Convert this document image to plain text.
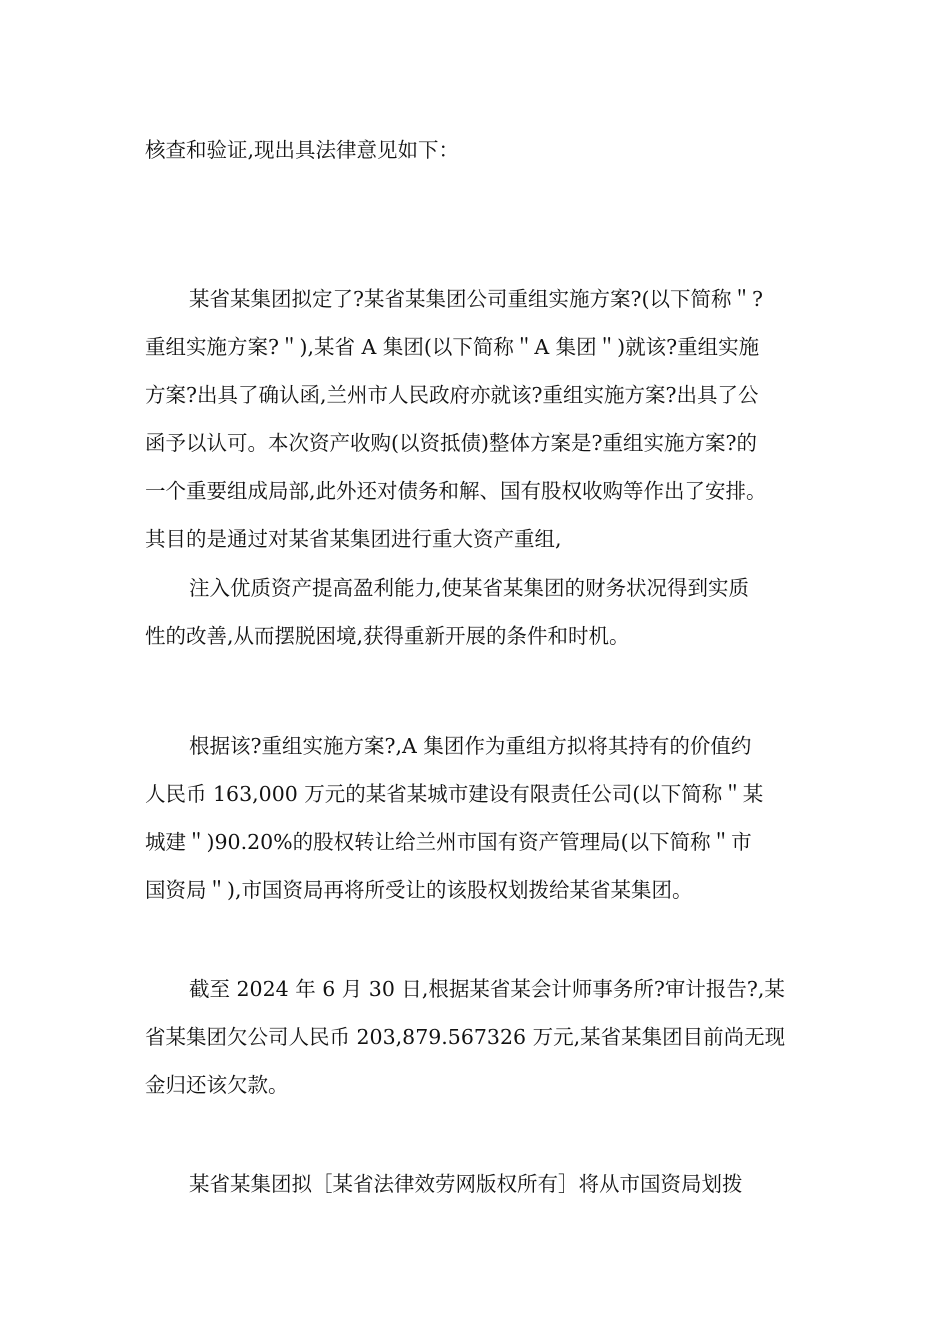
核查和验证,现出具法律意见如下：

某省某集团拟定了?某省某集团公司重组实施方案?(以下简称＂?
重组实施方案?＂),某省 A 集团(以下简称＂A 集团＂)就该?重组实施
方案?出具了确认函,兰州市人民政府亦就该?重组实施方案?出具了公
函予以认可。本次资产收购(以资抵债)整体方案是?重组实施方案?的
一个重要组成局部,此外还对债务和解、国有股权收购等作出了安排。
其目的是通过对某省某集团进行重大资产重组,

注入优质资产提高盈利能力,使某省某集团的财务状况得到实质
性的改善,从而摆脱困境,获得重新开展的条件和时机。

根据该?重组实施方案?,A 集团作为重组方拟将其持有的价值约
人民币 163,000 万元的某省某城市建设有限责任公司(以下简称＂某
城建＂)90.20%的股权转让给兰州市国有资产管理局(以下简称＂市
国资局＂),市国资局再将所受让的该股权划拨给某省某集团。

截至 2024 年 6 月 30 日,根据某省某会计师事务所?审计报告?,某
省某集团欠公司人民币 203,879.567326 万元,某省某集团目前尚无现
金归还该欠款。

某省某集团拟［某省法律效劳网版权所有］将从市国资局划拨
